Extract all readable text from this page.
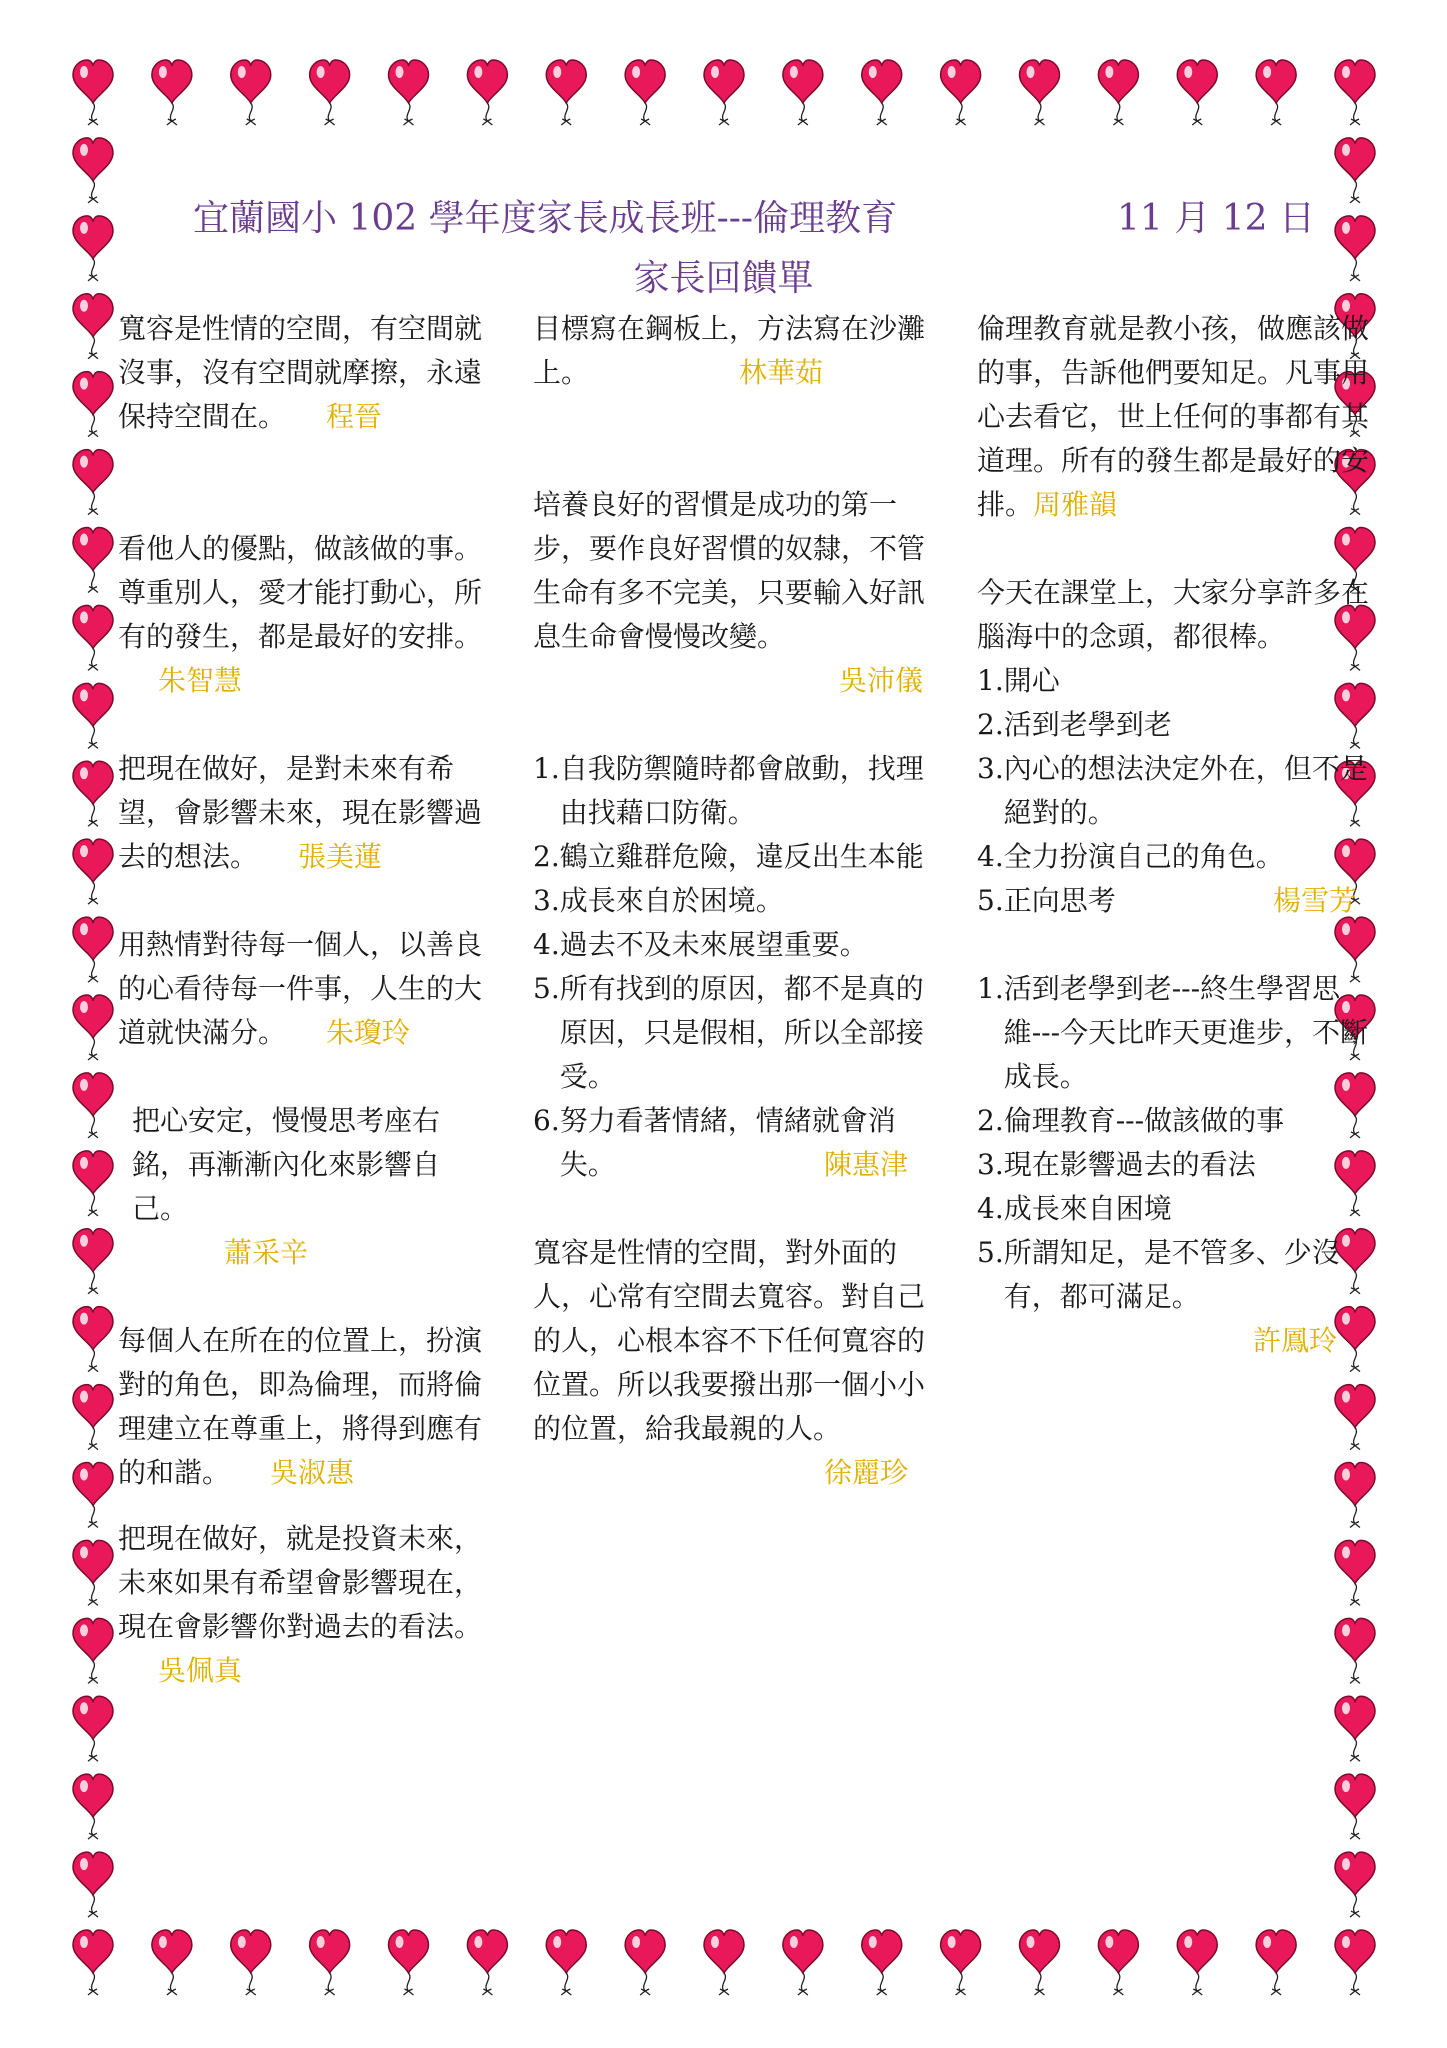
宜蘭國小 102 學年度家長成長班---倫理教育	11 月 12 日
家長回饋單

寬容是性情的空間，有空間就沒事，沒有空間就摩擦，永遠保持空間在。 程晉

看他人的優點，做該做的事。尊重別人，愛才能打動心，所有的發生，都是最好的安排。朱智慧

把現在做好，是對未來有希望，會影響未來，現在影響過去的想法。 張美蓮

用熱情對待每一個人，以善良的心看待每一件事，人生的大道就快滿分。 朱瓊玲

把心安定，慢慢思考座右銘，再漸漸內化來影響自己。

蕭采辛

每個人在所在的位置上，扮演對的角色，即為倫理，而將倫理建立在尊重上，將得到應有的和諧。 吳淑惠

把現在做好，就是投資未來，未來如果有希望會影響現在，現在會影響你對過去的看法。吳佩真

目標寫在鋼板上，方法寫在沙灘上。	林華茹

培養良好的習慣是成功的第一步，要作良好習慣的奴隸，不管生命有多不完美，只要輸入好訊息生命會慢慢改變。

吳沛儀
1. 自我防禦隨時都會啟動，找理由找藉口防衛。
2. 鶴立雞群危險，違反出生本能
3. 成長來自於困境。
4. 過去不及未來展望重要。
5. 所有找到的原因，都不是真的原因，只是假相，所以全部接受。
6. 努力看著情緒，情緒就會消失。	陳惠津

寬容是性情的空間，對外面的人，心常有空間去寬容。對自己的人，心根本容不下任何寬容的位置。所以我要撥出那一個小小的位置，給我最親的人。

徐麗珍

倫理教育就是教小孩，做應該做的事，告訴他們要知足。凡事用心去看它，世上任何的事都有其道理。所有的發生都是最好的安排。周雅韻

今天在課堂上，大家分享許多在腦海中的念頭，都很棒。

1. 開心
2. 活到老學到老
3. 內心的想法決定外在，但不是絕對的。
4. 全力扮演自己的角色。
5. 正向思考	楊雪芳
1. 活到老學到老---終生學習思維---今天比昨天更進步，不斷成長。
2. 倫理教育---做該做的事
3. 現在影響過去的看法
4. 成長來自困境
5. 所謂知足，是不管多、少沒有，都可滿足。
許鳳玲
